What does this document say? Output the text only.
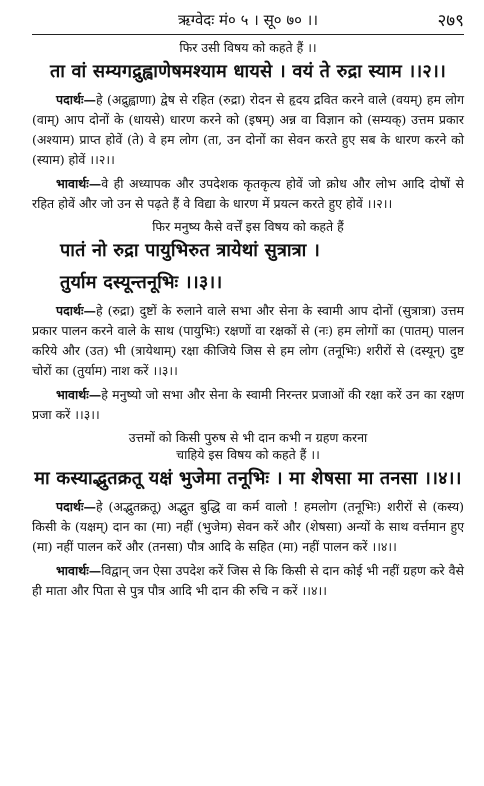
ऋग्वेदः मं० ५ । सू० ७० ।।	२७९
फिर उसी विषय को कहते हैं ।।
ता वां सम्यगद्रुह्वाणेषमश्याम धायसे । वयं ते रुद्रा स्याम ।।२।।

पदार्थः—हे (अद्रुह्वाणा) द्वेष से रहित (रुद्रा) रोदन से हृदय द्रवित करने वाले (वयम्) हम लोग (वाम्) आप दोनों के (धायसे) धारण करने को (इषम्) अन्न वा विज्ञान को (सम्यक्) उत्तम प्रकार (अश्याम) प्राप्त होवें (ते) वे हम लोग (ता, उन दोनों का सेवन करते हुए सब के धारण करने को (स्याम) होवें ।।२।।

भावार्थः—वे ही अध्यापक और उपदेशक कृतकृत्य होवें जो क्रोध और लोभ आदि दोषों से रहित होवें और जो उन से पढ़ते हैं वे विद्या के धारण में प्रयत्न करते हुए होवें ।।२।।

फिर मनुष्य कैसे वर्त्तें इस विषय को कहते हैं
पातं नो रुद्रा पायुभिरुत त्रायेथां सुत्रात्रा ।
तुर्याम दस्यून्तनूभिः ।।३।।

पदार्थः—हे (रुद्रा) दुष्टों के रुलाने वाले सभा और सेना के स्वामी आप दोनों (सुत्रात्रा) उत्तम प्रकार पालन करने वाले के साथ (पायुभिः) रक्षणों वा रक्षकों से (नः) हम लोगों का (पातम्) पालन करिये और (उत) भी (त्रायेथाम्) रक्षा कीजिये जिस से हम लोग (तनूभिः) शरीरों से (दस्यून्) दुष्ट चोरों का (तुर्याम) नाश करें ।।३।।

भावार्थः—हे मनुष्यो जो सभा और सेना के स्वामी निरन्तर प्रजाओं की रक्षा करें उन का रक्षण प्रजा करें ।।३।।

उत्तमों को किसी पुरुष से भी दान कभी न ग्रहण करना
चाहिये इस विषय को कहते हैं ।।
मा कस्याद्भुतक्रतू यक्षं भुजेमा तनूभिः । मा शेषसा मा तनसा ।।४।।

पदार्थः—हे (अद्भुतक्रतू) अद्भुत बुद्धि वा कर्म वालो ! हमलोग (तनूभिः) शरीरों से (कस्य) किसी के (यक्षम्) दान का (मा) नहीं (भुजेम) सेवन करें और (शेषसा) अन्यों के साथ वर्त्तमान हुए (मा) नहीं पालन करें और (तनसा) पौत्र आदि के सहित (मा) नहीं पालन करें ।।४।।

भावार्थः—विद्वान् जन ऐसा उपदेश करें जिस से कि किसी से दान कोई भी नहीं ग्रहण करे वैसे ही माता और पिता से पुत्र पौत्र आदि भी दान की रुचि न करें ।।४।।
